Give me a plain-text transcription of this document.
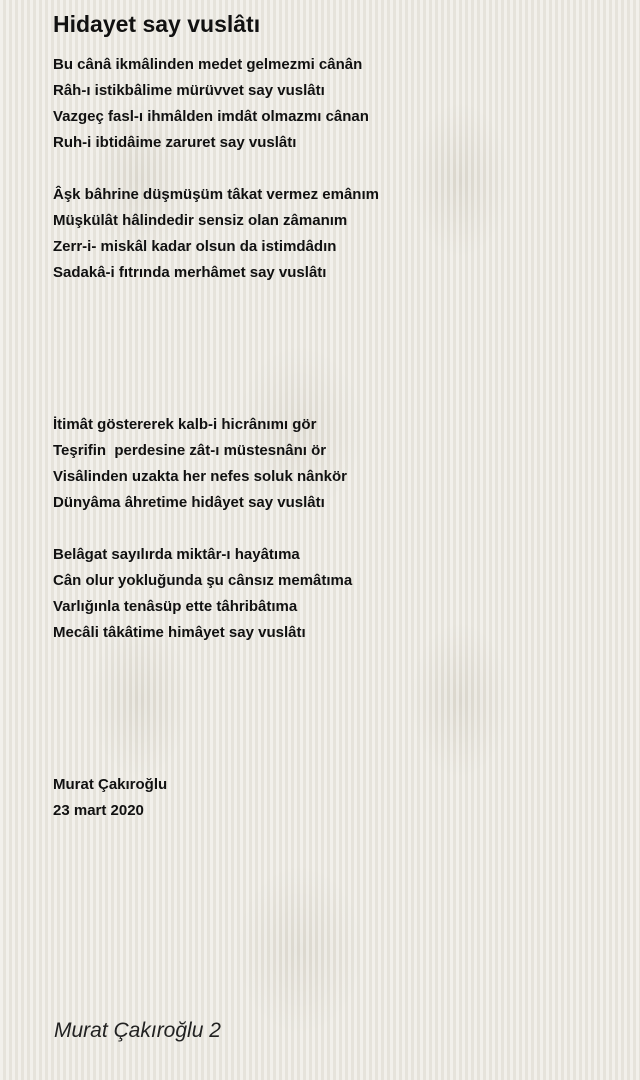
Hidayet say vuslâtı
Bu cânâ ikmâlinden medet gelmezmi cânân
Râh-ı istikbâlime mürüvvet say vuslâtı
Vazgeç fasl-ı ihmâlden imdât olmazmı cânan
Ruh-i ibtidâime zaruret say vuslâtı
Âşk bâhrine düşmüşüm tâkat vermez emânım
Müşkülât hâlindedir sensiz olan zâmanım
Zerr-i- miskâl kadar olsun da istimdâdın
Sadakâ-i fıtrında merhâmet say vuslâtı
İtimât göstererek kalb-i hicrânımı gör
Teşrifin  perdesine zât-ı müstesnânı ör
Visâlinden uzakta her nefes soluk nânkör
Dünyâma âhretime hidâyet say vuslâtı
Belâgat sayılırda miktâr-ı hayâtıma
Cân olur yokluğunda şu cânsız memâtıma
Varlığınla tenâsüp ette tâhribâtıma
Mecâli tâkâtime himâyet say vuslâtı
Murat Çakıroğlu
23 mart 2020
Murat Çakıroğlu 2
